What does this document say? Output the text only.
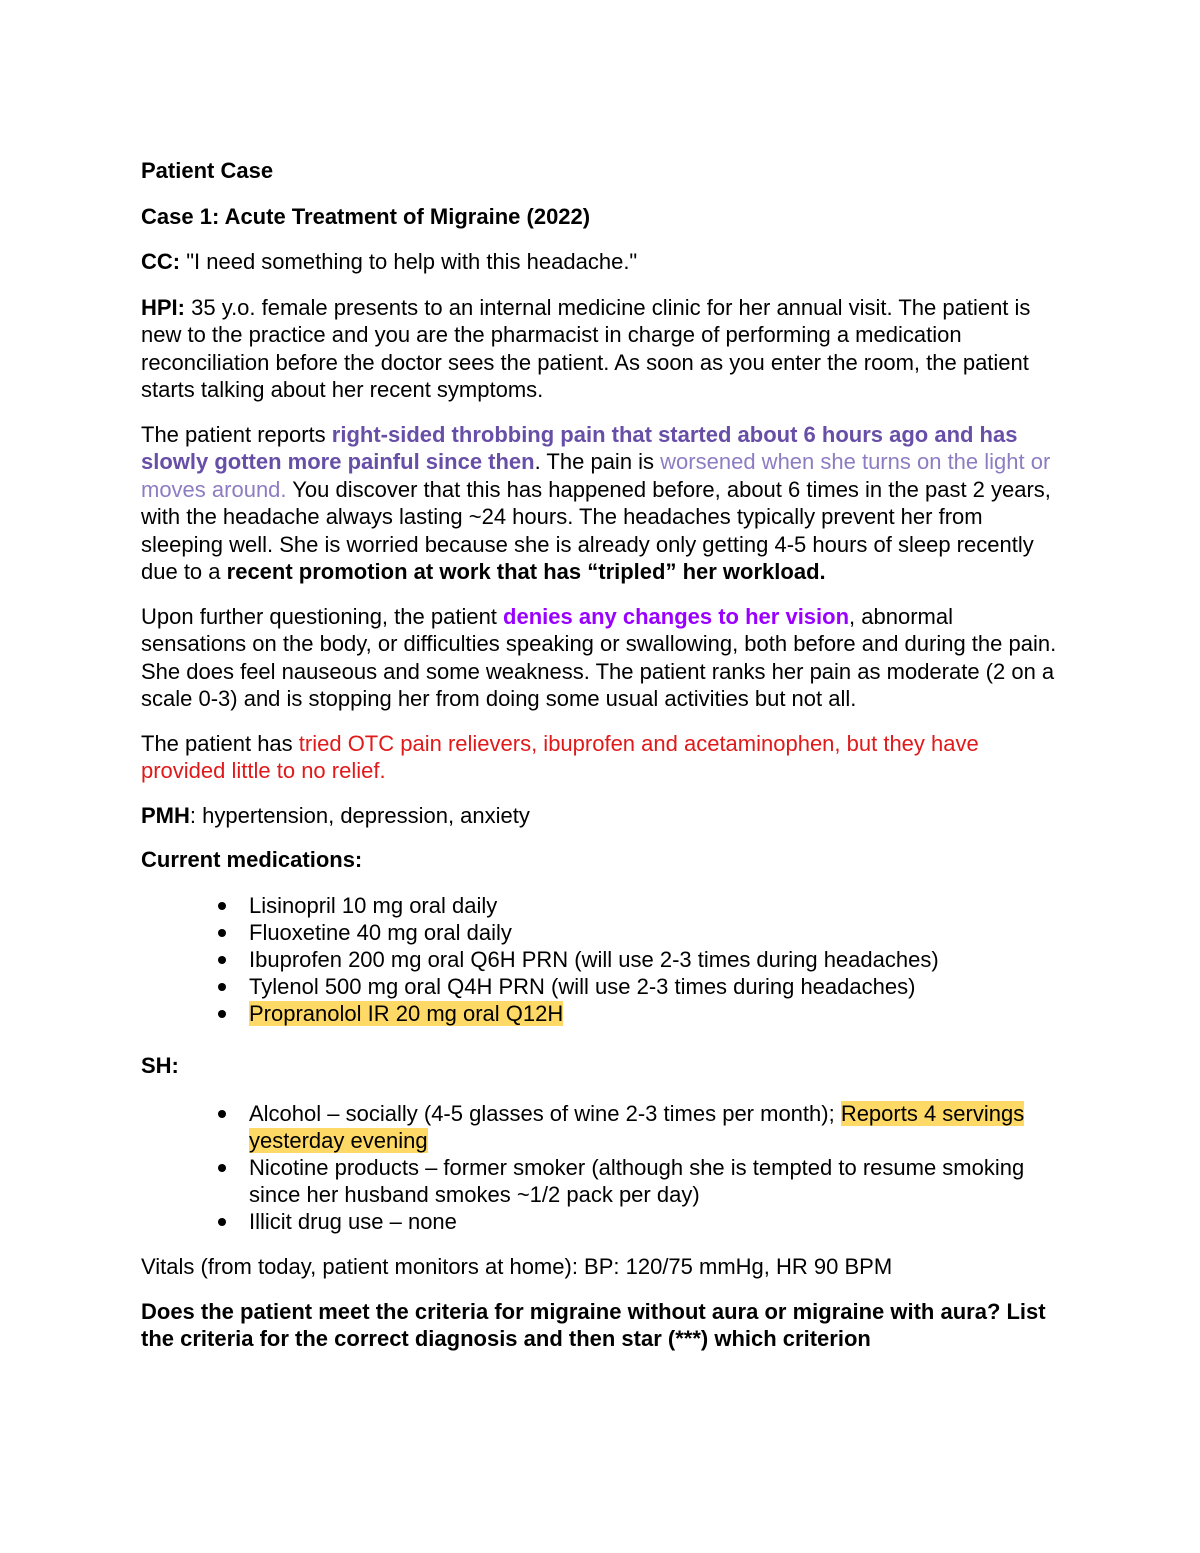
Patient Case

Case 1: Acute Treatment of Migraine (2022)

CC: "I need something to help with this headache."

HPI: 35 y.o. female presents to an internal medicine clinic for her annual visit. The patient is new to the practice and you are the pharmacist in charge of performing a medication reconciliation before the doctor sees the patient. As soon as you enter the room, the patient starts talking about her recent symptoms.

The patient reports right-sided throbbing pain that started about 6 hours ago and has slowly gotten more painful since then. The pain is worsened when she turns on the light or moves around. You discover that this has happened before, about 6 times in the past 2 years, with the headache always lasting ~24 hours. The headaches typically prevent her from sleeping well. She is worried because she is already only getting 4-5 hours of sleep recently due to a recent promotion at work that has “tripled” her workload.

Upon further questioning, the patient denies any changes to her vision, abnormal sensations on the body, or difficulties speaking or swallowing, both before and during the pain. She does feel nauseous and some weakness. The patient ranks her pain as moderate (2 on a scale 0-3) and is stopping her from doing some usual activities but not all.

The patient has tried OTC pain relievers, ibuprofen and acetaminophen, but they have provided little to no relief.

PMH: hypertension, depression, anxiety

Current medications:

Lisinopril 10 mg oral daily
Fluoxetine 40 mg oral daily
Ibuprofen 200 mg oral Q6H PRN (will use 2-3 times during headaches)
Tylenol 500 mg oral Q4H PRN (will use 2-3 times during headaches)
Propranolol IR 20 mg oral Q12H

SH:

Alcohol – socially (4-5 glasses of wine 2-3 times per month); Reports 4 servings yesterday evening
Nicotine products – former smoker (although she is tempted to resume smoking since her husband smokes ~1/2 pack per day)
Illicit drug use – none

Vitals (from today, patient monitors at home): BP: 120/75 mmHg, HR 90 BPM

Does the patient meet the criteria for migraine without aura or migraine with aura? List the criteria for the correct diagnosis and then star (***) which criterion
